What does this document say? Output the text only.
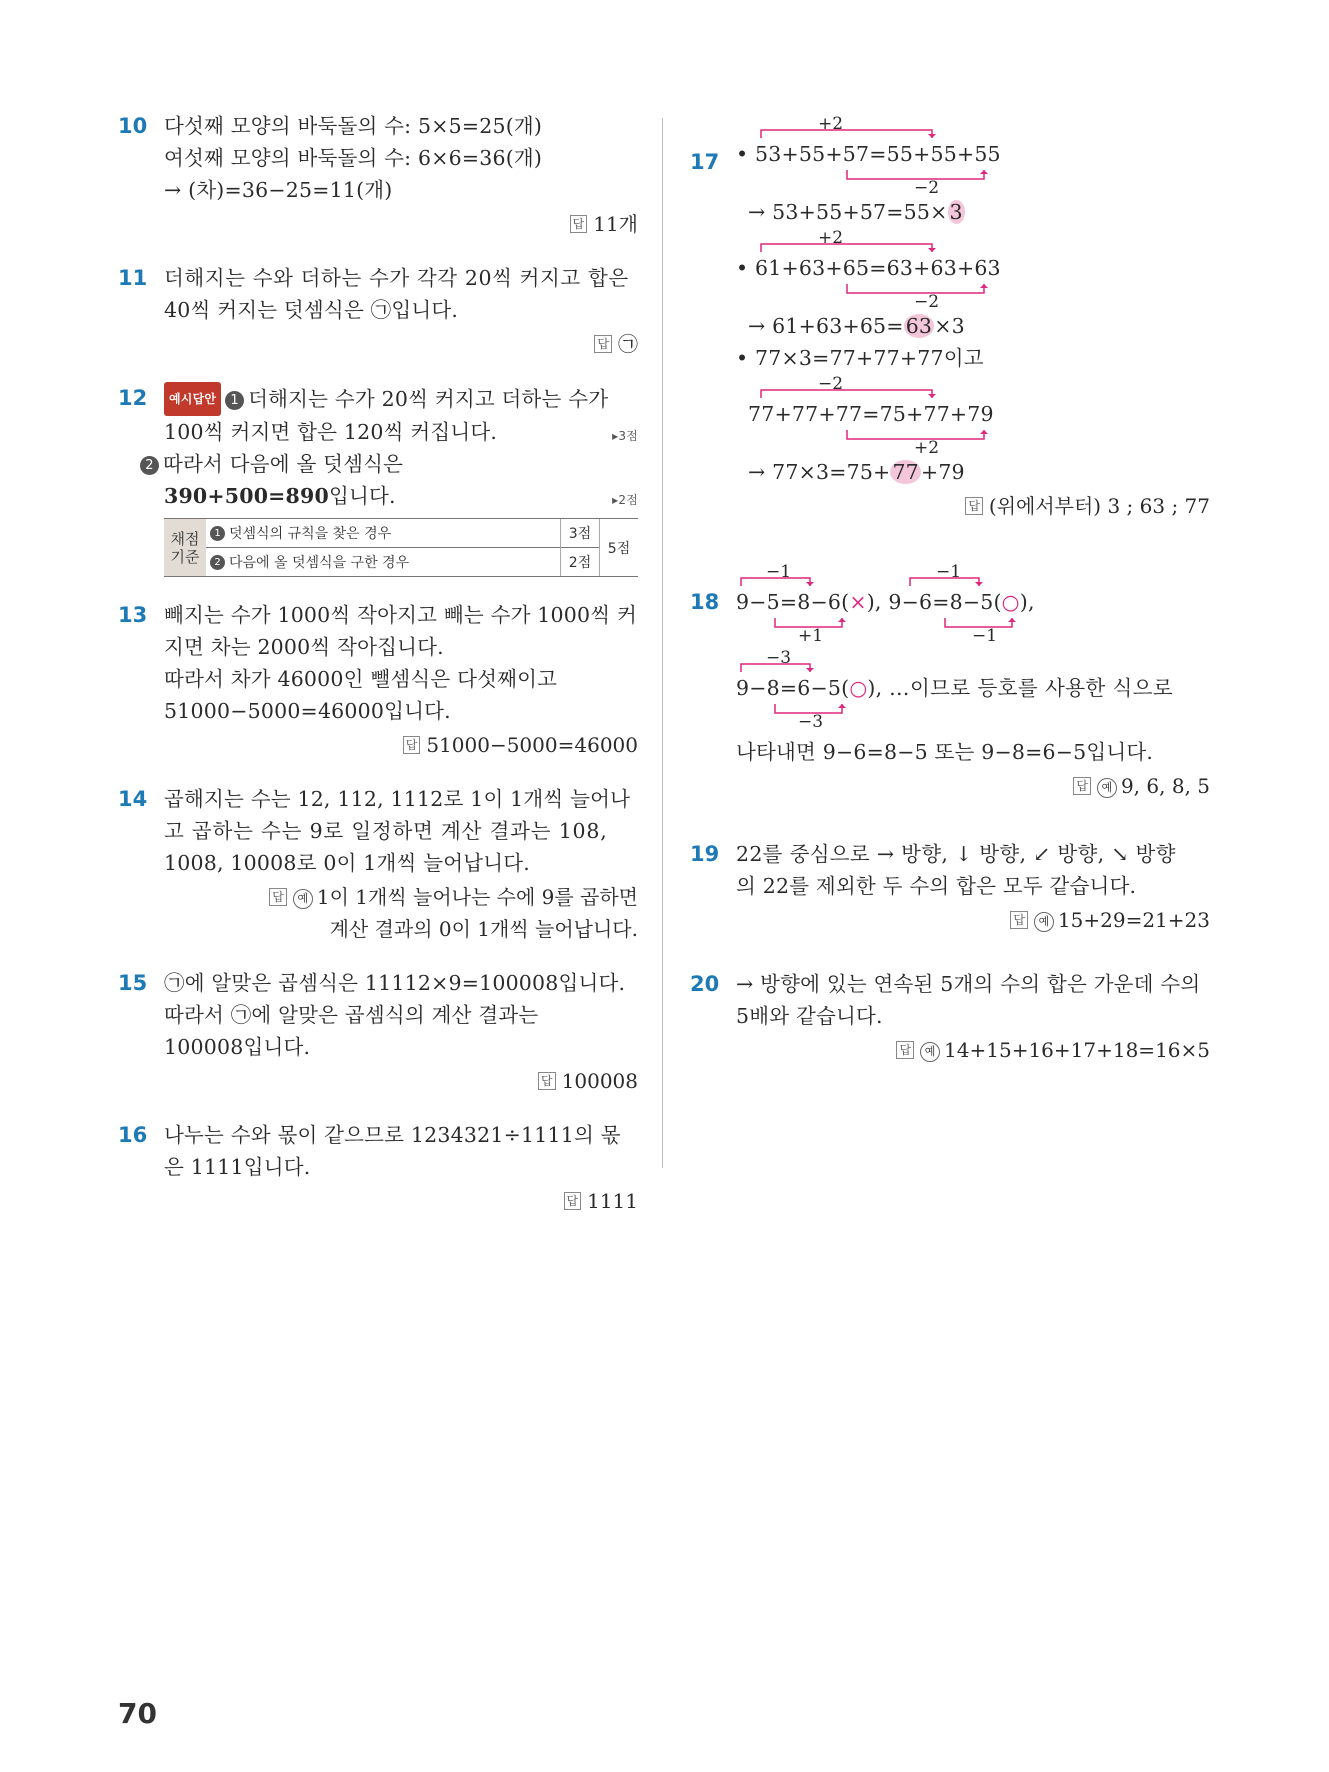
10 다섯째 모양의 바둑돌의 수: 5×5=25(개)
여섯째 모양의 바둑돌의 수: 6×6=36(개)
→ (차)=36−25=11(개)
답 11개
11 더해지는 수와 더하는 수가 각각 20씩 커지고 합은
40씩 커지는 덧셈식은 ㉠입니다.
답 ㉠
12	예시답안 1 더해지는 수가 20씩 커지고 더하는 수가
100씩 커지면 합은 120씩 커집니다.	▸3점
2 따라서 다음에 올 덧셈식은
390+500=890입니다.	▸2점
채점
기준	1 덧셈식의 규칙을 찾은 경우	3점	5점
	2 다음에 올 덧셈식을 구한 경우	2점	
13 빼지는 수가 1000씩 작아지고 빼는 수가 1000씩 커
지면 차는 2000씩 작아집니다.
따라서 차가 46000인 뺄셈식은 다섯째이고
51000−5000=46000입니다.
답 51000−5000=46000
14 곱해지는 수는 12, 112, 1112로 1이 1개씩 늘어나
고 곱하는 수는 9로 일정하면 계산 결과는 108,
1008, 10008로 0이 1개씩 늘어납니다.
답 예 1이 1개씩 늘어나는 수에 9를 곱하면
계산 결과의 0이 1개씩 늘어납니다.
15 ㉠에 알맞은 곱셈식은 11112×9=100008입니다.
따라서 ㉠에 알맞은 곱셈식의 계산 결과는
100008입니다.
답 100008
16 나누는 수와 몫이 같으므로 1234321÷1111의 몫
은 1111입니다.
답 1111
17
+2
• 53+55+57=55+55+55
−2
→ 53+55+57=55×3
+2
• 61+63+65=63+63+63
−2
→ 61+63+65=63×3
• 77×3=77+77+77이고
−2
77+77+77=75+77+79
+2
→ 77×3=75+77+79
답 (위에서부터) 3 ; 63 ; 77
18
−1	−1
9−5=8−6(×), 9−6=8−5(○),
+1	−1
−3
9−8=6−5(○), …이므로 등호를 사용한 식으로
−3
나타내면 9−6=8−5 또는 9−8=6−5입니다.
답 예 9, 6, 8, 5
19 22를 중심으로 → 방향, ↓ 방향, ↙ 방향, ↘ 방향
의 22를 제외한 두 수의 합은 모두 같습니다.
답 예 15+29=21+23
20 → 방향에 있는 연속된 5개의 수의 합은 가운데 수의
5배와 같습니다.
답 예 14+15+16+17+18=16×5
70
